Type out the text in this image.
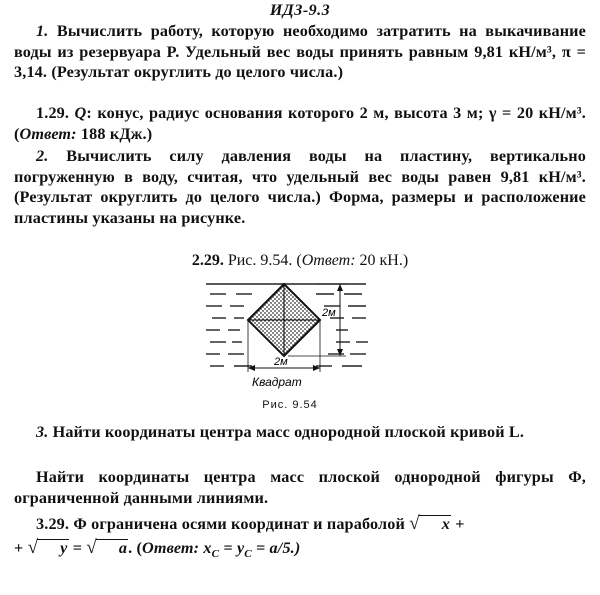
ИДЗ-9.3
1. Вычислить работу, которую необходимо затратить на выкачивание воды из резервуара P. Удельный вес воды принять равным 9,81 кН/м³, π = 3,14. (Результат округлить до целого числа.)
1.29. Q: конус, радиус основания которого 2 м, высота 3 м; γ = 20 кН/м³. (Ответ: 188 кДж.)
2. Вычислить силу давления воды на пластину, вертикально погруженную в воду, считая, что удельный вес воды равен 9,81 кН/м³. (Результат округлить до целого числа.) Форма, размеры и расположение пластины указаны на рисунке.
2.29. Рис. 9.54. (Ответ: 20 кН.)
2м
2м
Квадрат
Рис. 9.54
3. Найти координаты центра масс однородной плоской кривой L.
Найти координаты центра масс плоской однородной фигуры Φ, ограниченной данными линиями.
3.29. Φ ограничена осями координат и параболой √ x +
+ √ y = √ a. (Ответ: $x_C = y_C = a/5$.)
